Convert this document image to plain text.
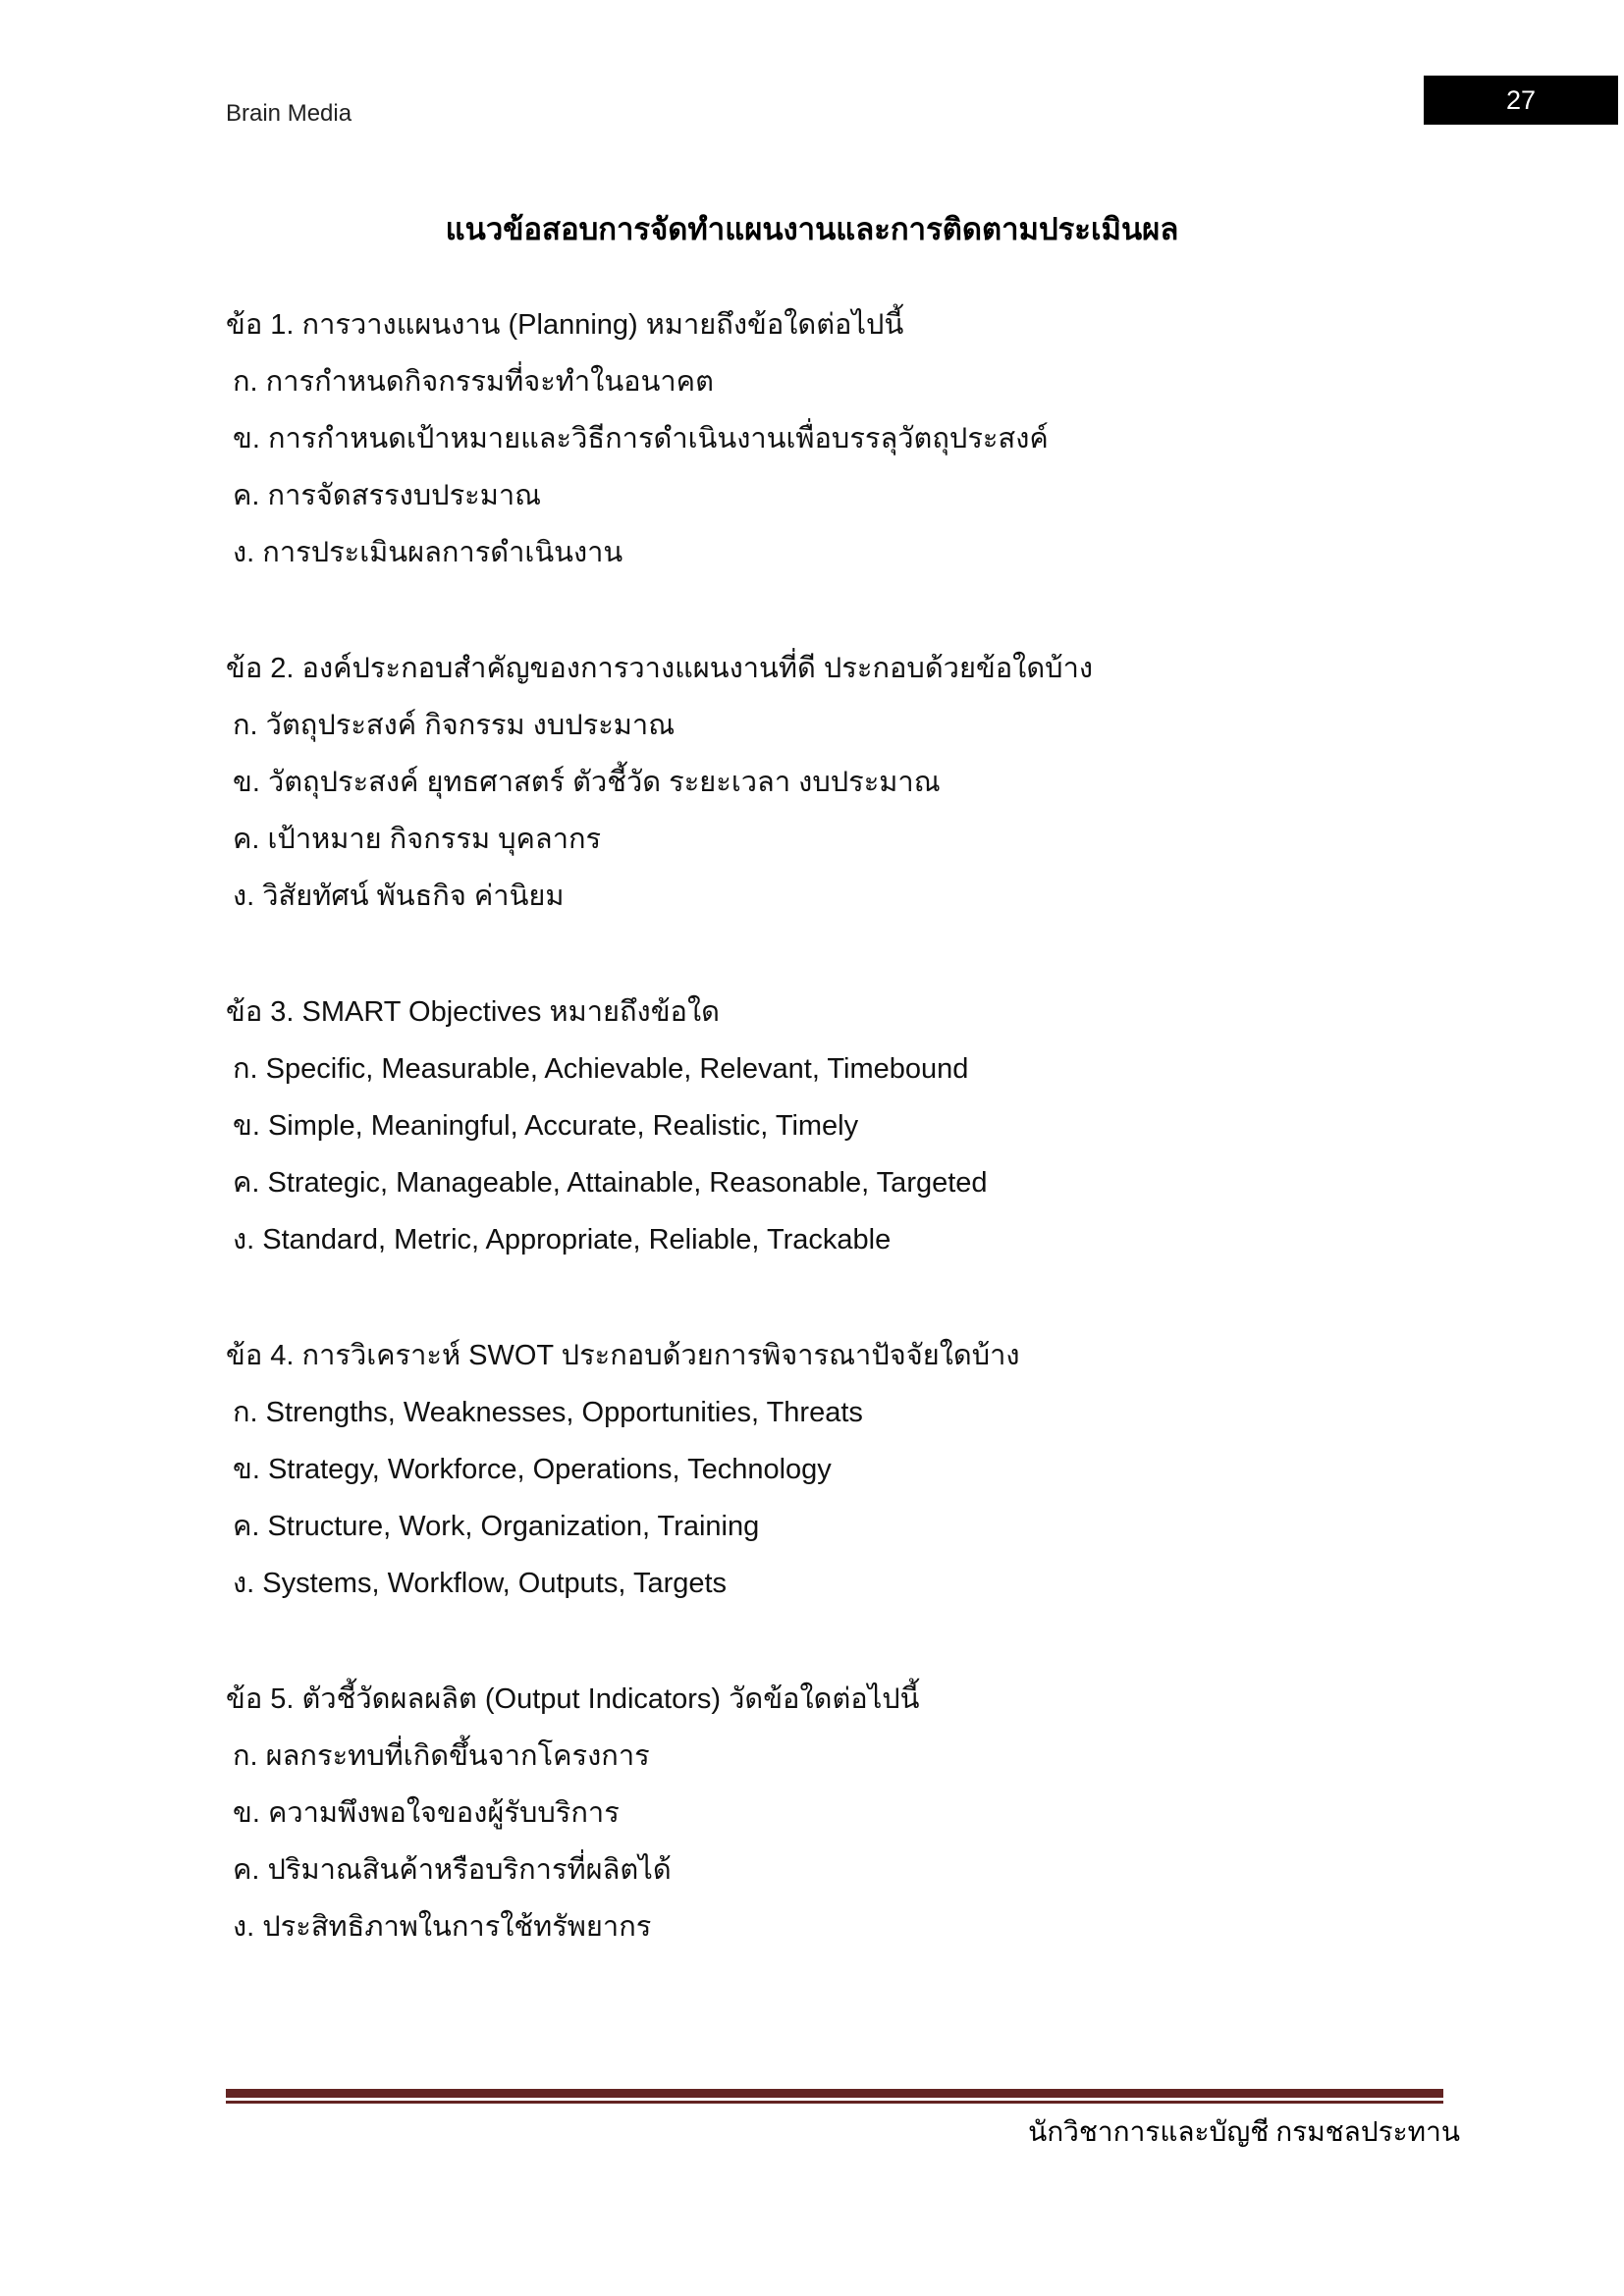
Brain Media	27
แนวข้อสอบการจัดทำแผนงานและการติดตามประเมินผล
ข้อ 1. การวางแผนงาน (Planning) หมายถึงข้อใดต่อไปนี้
ก. การกำหนดกิจกรรมที่จะทำในอนาคต
ข. การกำหนดเป้าหมายและวิธีการดำเนินงานเพื่อบรรลุวัตถุประสงค์
ค. การจัดสรรงบประมาณ
ง. การประเมินผลการดำเนินงาน
ข้อ 2. องค์ประกอบสำคัญของการวางแผนงานที่ดี ประกอบด้วยข้อใดบ้าง
ก. วัตถุประสงค์ กิจกรรม งบประมาณ
ข. วัตถุประสงค์ ยุทธศาสตร์ ตัวชี้วัด ระยะเวลา งบประมาณ
ค. เป้าหมาย กิจกรรม บุคลากร
ง. วิสัยทัศน์ พันธกิจ ค่านิยม
ข้อ 3. SMART Objectives หมายถึงข้อใด
ก. Specific, Measurable, Achievable, Relevant, Timebound
ข. Simple, Meaningful, Accurate, Realistic, Timely
ค. Strategic, Manageable, Attainable, Reasonable, Targeted
ง. Standard, Metric, Appropriate, Reliable, Trackable
ข้อ 4. การวิเคราะห์ SWOT ประกอบด้วยการพิจารณาปัจจัยใดบ้าง
ก. Strengths, Weaknesses, Opportunities, Threats
ข. Strategy, Workforce, Operations, Technology
ค. Structure, Work, Organization, Training
ง. Systems, Workflow, Outputs, Targets
ข้อ 5. ตัวชี้วัดผลผลิต (Output Indicators) วัดข้อใดต่อไปนี้
ก. ผลกระทบที่เกิดขึ้นจากโครงการ
ข. ความพึงพอใจของผู้รับบริการ
ค. ปริมาณสินค้าหรือบริการที่ผลิตได้
ง. ประสิทธิภาพในการใช้ทรัพยากร
นักวิชาการและบัญชี กรมชลประทาน
